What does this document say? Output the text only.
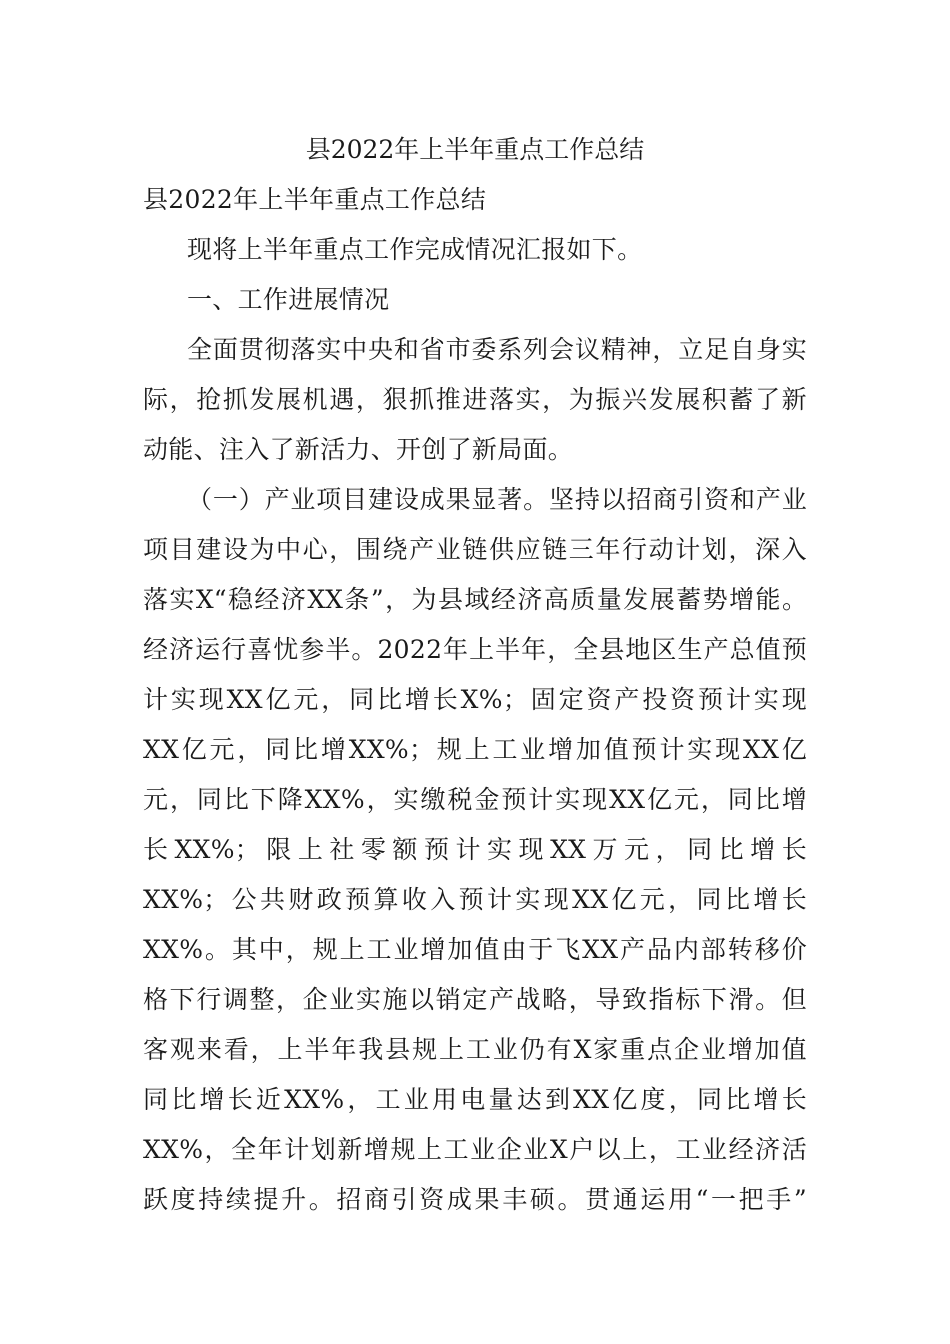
县2022年上半年重点工作总结
县2022年上半年重点工作总结
现将上半年重点工作完成情况汇报如下。
一、工作进展情况
全面贯彻落实中央和省市委系列会议精神，立足自身实
际，抢抓发展机遇，狠抓推进落实，为振兴发展积蓄了新
动能、注入了新活力、开创了新局面。
（一）产业项目建设成果显著。坚持以招商引资和产业
项目建设为中心，围绕产业链供应链三年行动计划，深入
落实X“稳经济XX条”，为县域经济高质量发展蓄势增能。
经济运行喜忧参半。2022年上半年，全县地区生产总值预
计实现XX亿元，同比增长X%；固定资产投资预计实现
XX亿元，同比增XX%；规上工业增加值预计实现XX亿
元，同比下降XX%，实缴税金预计实现XX亿元，同比增
长XX%；限上社零额预计实现XX万元，同比增长
XX%；公共财政预算收入预计实现XX亿元，同比增长
XX%。其中，规上工业增加值由于飞XX产品内部转移价
格下行调整，企业实施以销定产战略，导致指标下滑。但
客观来看，上半年我县规上工业仍有X家重点企业增加值
同比增长近XX%，工业用电量达到XX亿度，同比增长
XX%，全年计划新增规上工业企业X户以上，工业经济活
跃度持续提升。招商引资成果丰硕。贯通运用“一把手”
